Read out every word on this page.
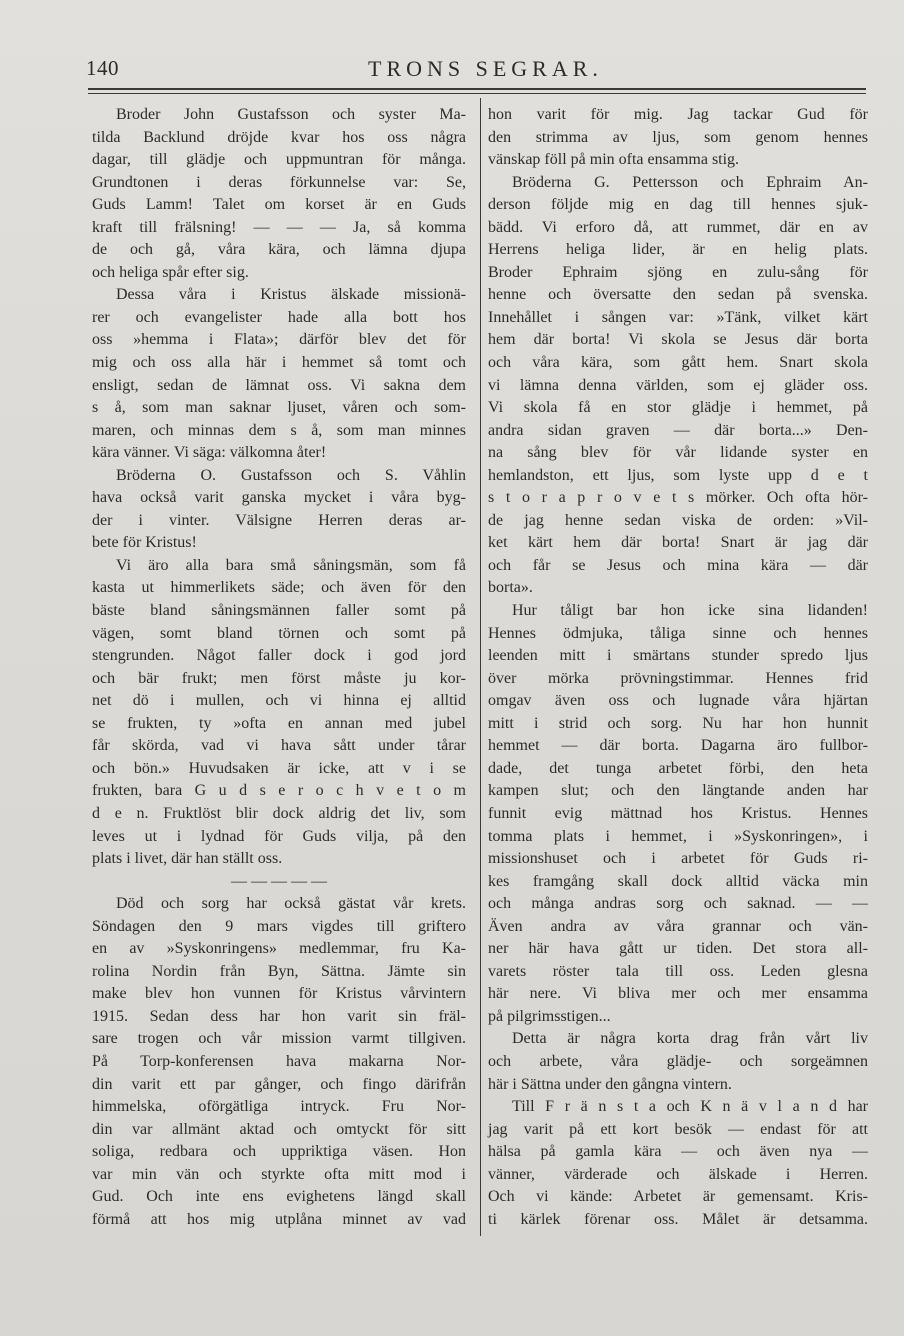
140	TRONS SEGRAR.

Broder John Gustafsson och syster Ma-

tilda Backlund dröjde kvar hos oss några

dagar, till glädje och uppmuntran för många.

Grundtonen i deras förkunnelse var: Se,

Guds Lamm! Talet om korset är en Guds

kraft till frälsning! — — — Ja, så komma

de och gå, våra kära, och lämna djupa

och heliga spår efter sig.

Dessa våra i Kristus älskade missionä-

rer och evangelister hade alla bott hos

oss »hemma i Flata»; därför blev det för

mig och oss alla här i hemmet så tomt och

ensligt, sedan de lämnat oss. Vi sakna dem

s å, som man saknar ljuset, våren och som-

maren, och minnas dem s å, som man minnes

kära vänner. Vi säga: välkomna åter!

Bröderna O. Gustafsson och S. Våhlin

hava också varit ganska mycket i våra byg-

der i vinter. Välsigne Herren deras ar-

bete för Kristus!

Vi äro alla bara små såningsmän, som få

kasta ut himmerlikets säde; och även för den

bäste bland såningsmännen faller somt på

vägen, somt bland törnen och somt på

stengrunden. Något faller dock i god jord

och bär frukt; men först måste ju kor-

net dö i mullen, och vi hinna ej alltid

se frukten, ty »ofta en annan med jubel

får skörda, vad vi hava sått under tårar

och bön.» Huvudsaken är icke, att v i se

frukten, bara G u d s e r o c h v e t o m

d e n. Fruktlöst blir dock aldrig det liv, som

leves ut i lydnad för Guds vilja, på den

plats i livet, där han ställt oss.

— — — — —

Död och sorg har också gästat vår krets.

Söndagen den 9 mars vigdes till griftero

en av »Syskonringens» medlemmar, fru Ka-

rolina Nordin från Byn, Sättna. Jämte sin

make blev hon vunnen för Kristus vårvintern

1915. Sedan dess har hon varit sin fräl-

sare trogen och vår mission varmt tillgiven.

På Torp-konferensen hava makarna Nor-

din varit ett par gånger, och fingo därifrån

himmelska, oförgätliga intryck. Fru Nor-

din var allmänt aktad och omtyckt för sitt

soliga, redbara och uppriktiga väsen. Hon

var min vän och styrkte ofta mitt mod i

Gud. Och inte ens evighetens längd skall

förmå att hos mig utplåna minnet av vad

hon varit för mig. Jag tackar Gud för

den strimma av ljus, som genom hennes

vänskap föll på min ofta ensamma stig.

Bröderna G. Pettersson och Ephraim An-

derson följde mig en dag till hennes sjuk-

bädd. Vi erforo då, att rummet, där en av

Herrens heliga lider, är en helig plats.

Broder Ephraim sjöng en zulu-sång för

henne och översatte den sedan på svenska.

Innehållet i sången var: »Tänk, vilket kärt

hem där borta! Vi skola se Jesus där borta

och våra kära, som gått hem. Snart skola

vi lämna denna världen, som ej gläder oss.

Vi skola få en stor glädje i hemmet, på

andra sidan graven — där borta...» Den-

na sång blev för vår lidande syster en

hemlandston, ett ljus, som lyste upp d e t

s t o r a p r o v e t s mörker. Och ofta hör-

de jag henne sedan viska de orden: »Vil-

ket kärt hem där borta! Snart är jag där

och får se Jesus och mina kära — där

borta».

Hur tåligt bar hon icke sina lidanden!

Hennes ödmjuka, tåliga sinne och hennes

leenden mitt i smärtans stunder spredo ljus

över mörka prövningstimmar. Hennes frid

omgav även oss och lugnade våra hjärtan

mitt i strid och sorg. Nu har hon hunnit

hemmet — där borta. Dagarna äro fullbor-

dade, det tunga arbetet förbi, den heta

kampen slut; och den längtande anden har

funnit evig mättnad hos Kristus. Hennes

tomma plats i hemmet, i »Syskonringen», i

missionshuset och i arbetet för Guds ri-

kes framgång skall dock alltid väcka min

och många andras sorg och saknad. — —

Även andra av våra grannar och vän-

ner här hava gått ur tiden. Det stora all-

varets röster tala till oss. Leden glesna

här nere. Vi bliva mer och mer ensamma

på pilgrimsstigen...

Detta är några korta drag från vårt liv

och arbete, våra glädje- och sorgeämnen

här i Sättna under den gångna vintern.

Till F r ä n s t a och K n ä v l a n d har

jag varit på ett kort besök — endast för att

hälsa på gamla kära — och även nya —

vänner, värderade och älskade i Herren.

Och vi kände: Arbetet är gemensamt. Kris-

ti kärlek förenar oss. Målet är detsamma.
